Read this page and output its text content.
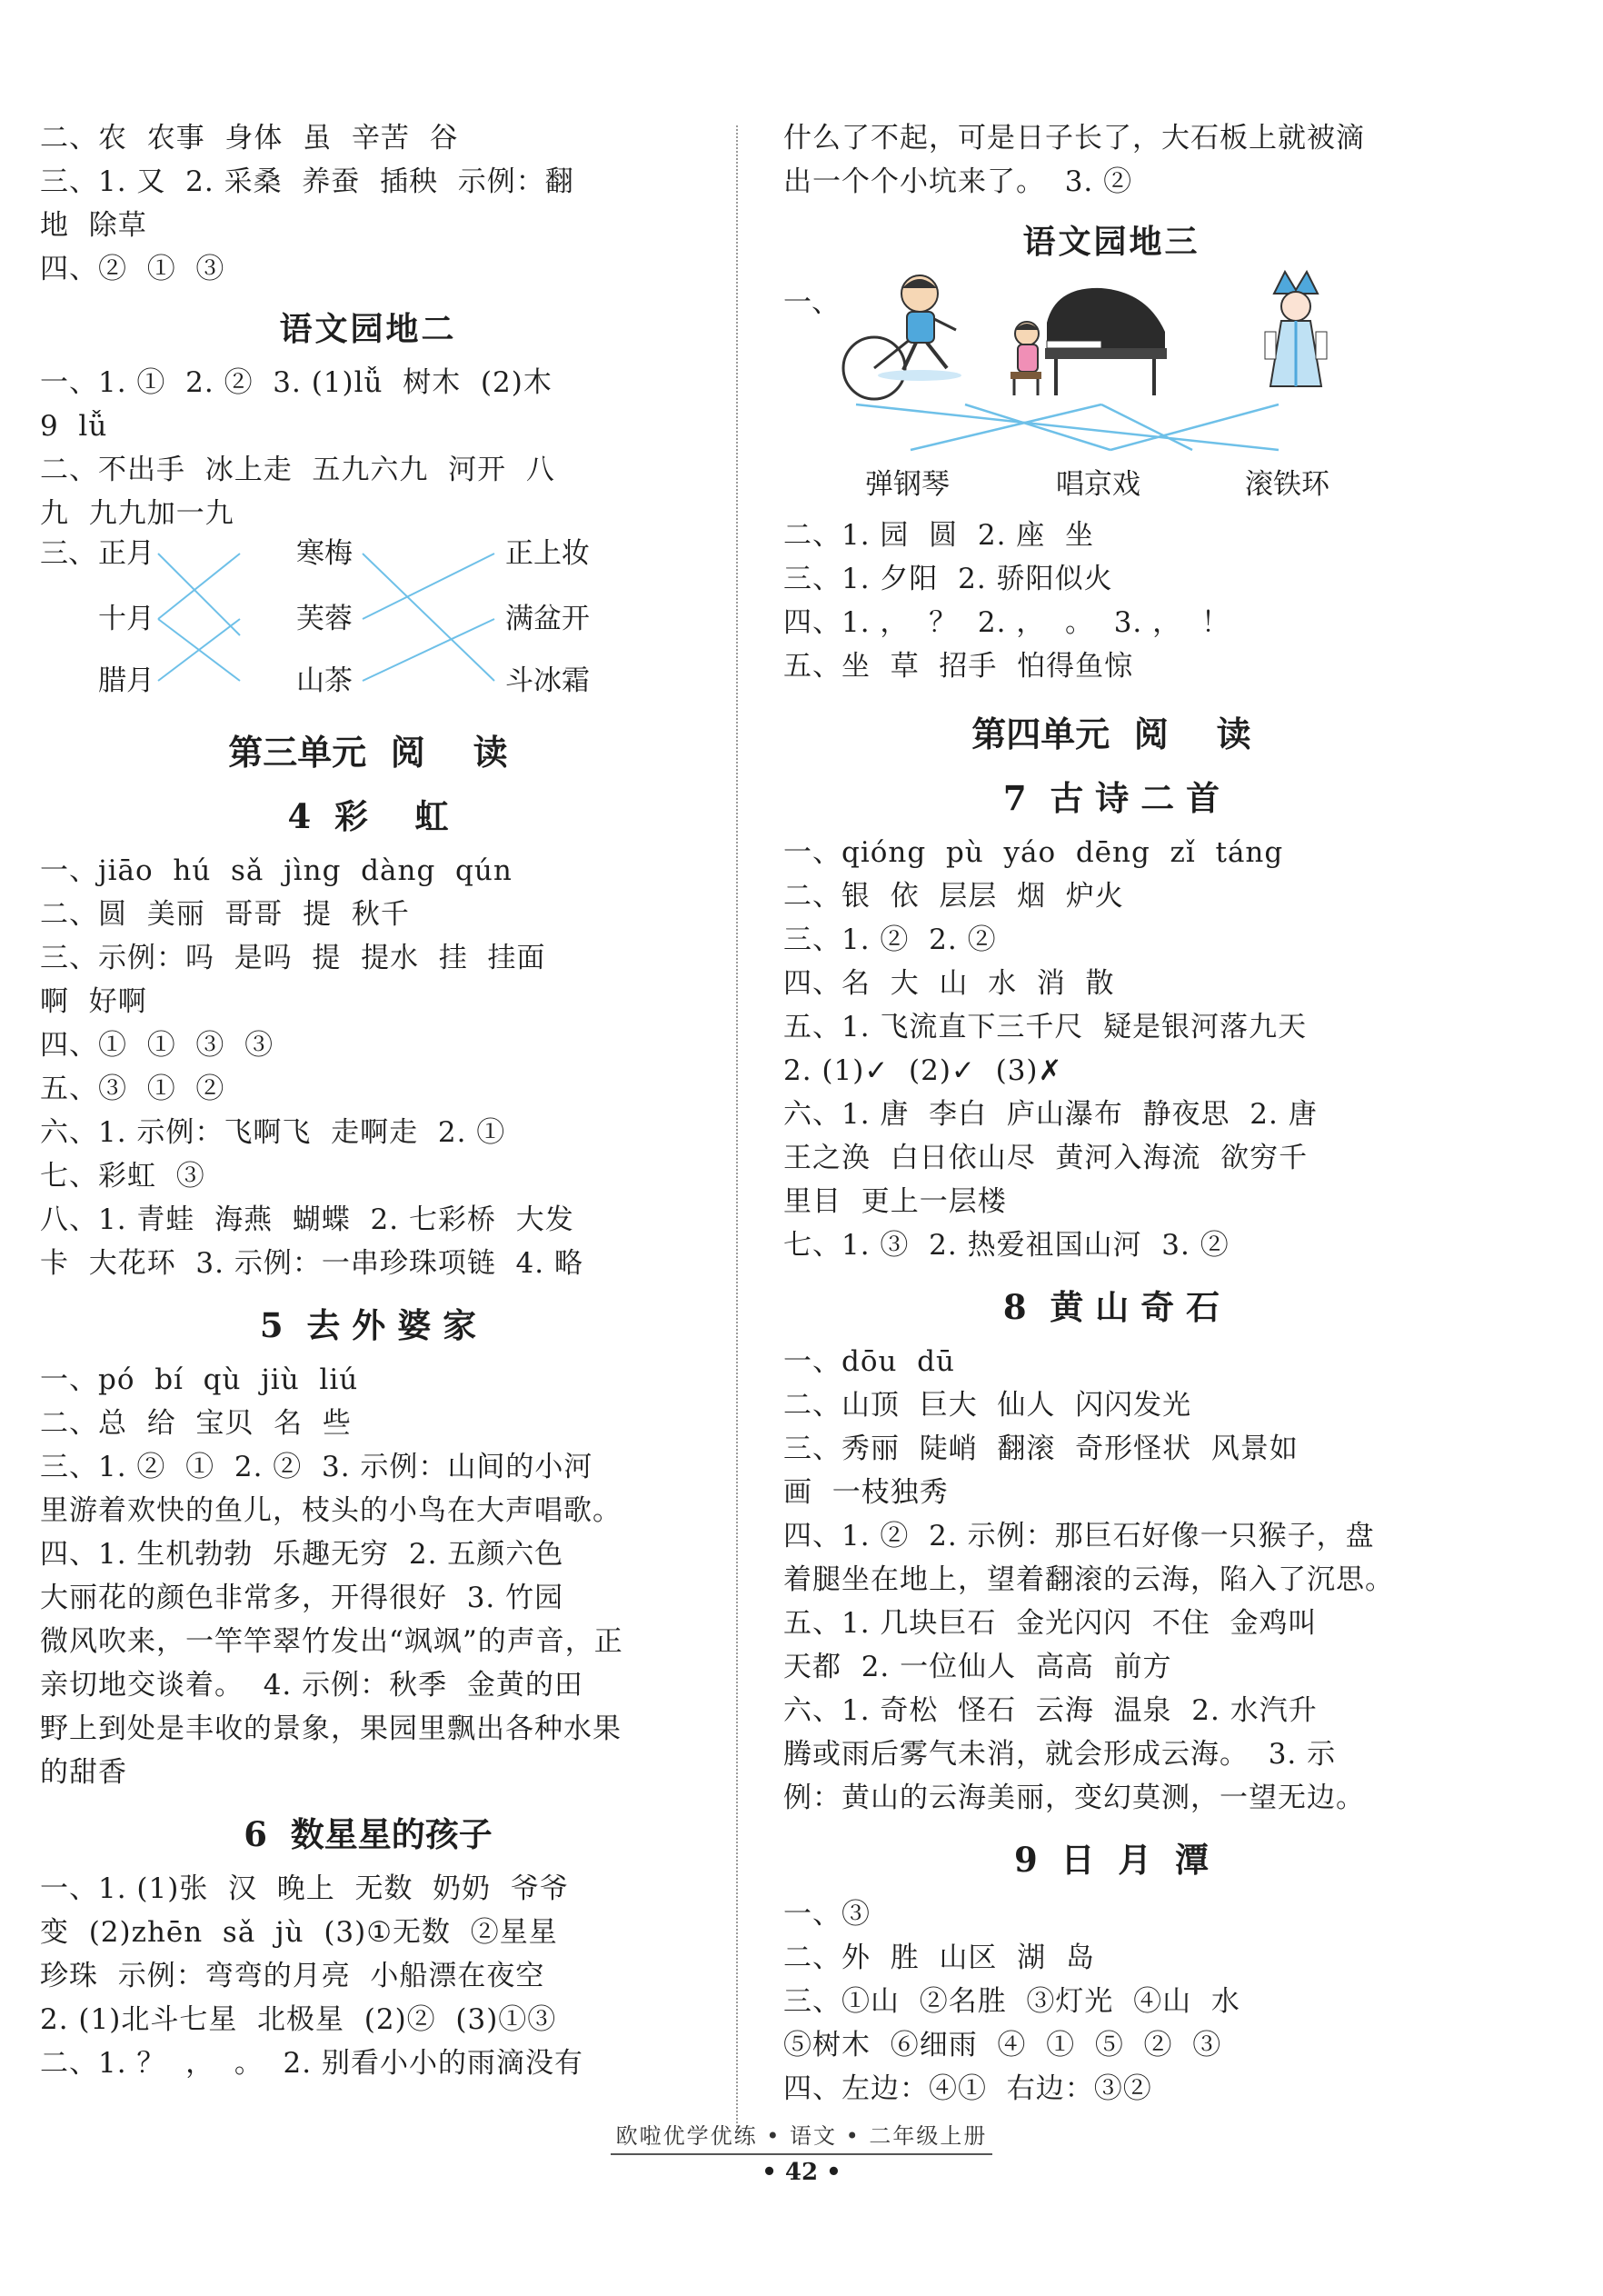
二、农  农事  身体  虽  辛苦  谷
三、1. 又  2. 采桑  养蚕  插秧  示例：翻
地  除草
四、②  ①  ③
语文园地二
一、1. ①  2. ②  3. (1)lǚ  树木  (2)木
9  lǚ
二、不出手  冰上走  五九六九  河开  八
九  九九加一九
三、 正月
十月
腊月
寒梅
芙蓉
山茶
正上妆
满盆开
斗冰霜
第三单元  阅    读
4  彩    虹
一、jiāo  hú  sǎ  jìng  dàng  qún
二、圆  美丽  哥哥  提  秋千
三、示例：吗  是吗  提  提水  挂  挂面
啊  好啊
四、①  ①  ③  ③
五、③  ①  ②
六、1. 示例：飞啊飞  走啊走  2. ①
七、彩虹  ③
八、1. 青蛙  海燕  蝴蝶  2. 七彩桥  大发
卡  大花环  3. 示例：一串珍珠项链  4. 略
5  去 外 婆 家
一、pó  bí  qù  jiù  liú
二、总  给  宝贝  名  些
三、1. ②  ①  2. ②  3. 示例：山间的小河
里游着欢快的鱼儿，枝头的小鸟在大声唱歌。
四、1. 生机勃勃  乐趣无穷  2. 五颜六色
大丽花的颜色非常多，开得很好  3. 竹园
微风吹来，一竿竿翠竹发出“飒飒”的声音，正
亲切地交谈着。  4. 示例：秋季  金黄的田
野上到处是丰收的景象，果园里飘出各种水果
的甜香
6  数星星的孩子
一、1. (1)张  汉  晚上  无数  奶奶  爷爷
变  (2)zhēn  sǎ  jù  (3)①无数  ②星星
珍珠  示例：弯弯的月亮  小船漂在夜空
2. (1)北斗七星  北极星  (2)②  (3)①③
二、1. ？  ，  。  2. 别看小小的雨滴没有
什么了不起，可是日子长了，大石板上就被滴
出一个个小坑来了。  3. ②
语文园地三
一、
弹钢琴	唱京戏	滚铁环
二、1. 园  圆  2. 座  坐
三、1. 夕阳  2. 骄阳似火
四、1. ，  ？  2. ，  。  3. ，  ！
五、坐  草  招手  怕得鱼惊
第四单元  阅    读
7  古 诗 二 首
一、qióng  pù  yáo  dēng  zǐ  táng
二、银  依  层层  烟  炉火
三、1. ②  2. ②
四、名  大  山  水  消  散
五、1. 飞流直下三千尺  疑是银河落九天
2. (1)✓  (2)✓  (3)✗
六、1. 唐  李白  庐山瀑布  静夜思  2. 唐
王之涣  白日依山尽  黄河入海流  欲穷千
里目  更上一层楼
七、1. ③  2. 热爱祖国山河  3. ②
8  黄 山 奇 石
一、dōu  dū
二、山顶  巨大  仙人  闪闪发光
三、秀丽  陡峭  翻滚  奇形怪状  风景如
画  一枝独秀
四、1. ②  2. 示例：那巨石好像一只猴子，盘
着腿坐在地上，望着翻滚的云海，陷入了沉思。
五、1. 几块巨石  金光闪闪  不住  金鸡叫
天都  2. 一位仙人  高高  前方
六、1. 奇松  怪石  云海  温泉  2. 水汽升
腾或雨后雾气未消，就会形成云海。  3. 示
例：黄山的云海美丽，变幻莫测，一望无边。
9  日  月  潭
一、③
二、外  胜  山区  湖  岛
三、①山  ②名胜  ③灯光  ④山  水
⑤树木  ⑥细雨  ④  ①  ⑤  ②  ③
四、左边：④①  右边：③②
欧啦优学优练 • 语文 • 二年级上册
• 42 •
